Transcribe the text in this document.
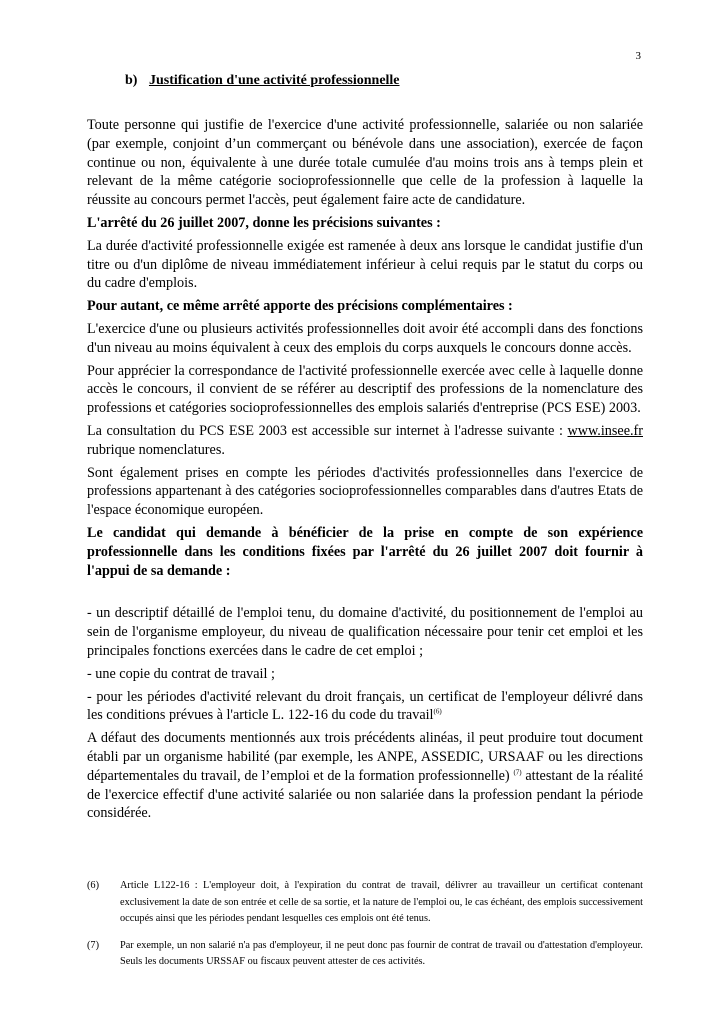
3
b) Justification d'une activité professionnelle

Toute personne qui justifie de l'exercice d'une activité professionnelle, salariée ou non salariée (par exemple, conjoint d’un commerçant ou bénévole dans une association), exercée de façon continue ou non, équivalente à une durée totale cumulée d'au moins trois ans à temps plein et relevant de la même catégorie socioprofessionnelle que celle de la profession à laquelle la réussite au concours permet l'accès, peut également faire acte de candidature.

L'arrêté du 26 juillet 2007, donne les précisions suivantes :

La durée d'activité professionnelle exigée est ramenée à deux ans lorsque le candidat justifie d'un titre ou d'un diplôme de niveau immédiatement inférieur à celui requis par le statut du corps ou du cadre d'emplois.

Pour autant, ce même arrêté apporte des précisions complémentaires :

L'exercice d'une ou plusieurs activités professionnelles doit avoir été accompli dans des fonctions d'un niveau au moins équivalent à ceux des emplois du corps auxquels le concours donne accès.

Pour apprécier la correspondance de l'activité professionnelle exercée avec celle à laquelle donne accès le concours, il convient de se référer au descriptif des professions de la nomenclature des professions et catégories socioprofessionnelles des emplois salariés d'entreprise (PCS ESE) 2003.

La consultation du PCS ESE 2003 est accessible sur internet à l'adresse suivante : www.insee.fr rubrique nomenclatures.

Sont également prises en compte les périodes d'activités professionnelles dans l'exercice de professions appartenant à des catégories socioprofessionnelles comparables dans d'autres Etats de l'espace économique européen.

Le candidat qui demande à bénéficier de la prise en compte de son expérience professionnelle dans les conditions fixées par l'arrêté du 26 juillet 2007 doit fournir à l'appui de sa demande :

- un descriptif détaillé de l'emploi tenu, du domaine d'activité, du positionnement de l'emploi au sein de l'organisme employeur, du niveau de qualification nécessaire pour tenir cet emploi et les principales fonctions exercées dans le cadre de cet emploi ;

- une copie du contrat de travail ;

- pour les périodes d'activité relevant du droit français, un certificat de l'employeur délivré dans les conditions prévues à l'article L. 122-16 du code du travail$^{(6)}$

A défaut des documents mentionnés aux trois précédents alinéas, il peut produire tout document établi par un organisme habilité (par exemple, les ANPE, ASSEDIC, URSAAF ou les directions départementales du travail, de l’emploi et de la formation professionnelle) $^{(7)}$ attestant de la réalité de l'exercice effectif d'une activité salariée ou non salariée dans la profession pendant la période considérée.

(6)	Article L122-16 : L'employeur doit, à l'expiration du contrat de travail, délivrer au travailleur un certificat contenant exclusivement la date de son entrée et celle de sa sortie, et la nature de l'emploi ou, le cas échéant, des emplois successivement occupés ainsi que les périodes pendant lesquelles ces emplois ont été tenus.
(7)	Par exemple, un non salarié n'a pas d'employeur, il ne peut donc pas fournir de contrat de travail ou d'attestation d'employeur. Seuls les documents URSSAF ou fiscaux peuvent attester de ces activités.
